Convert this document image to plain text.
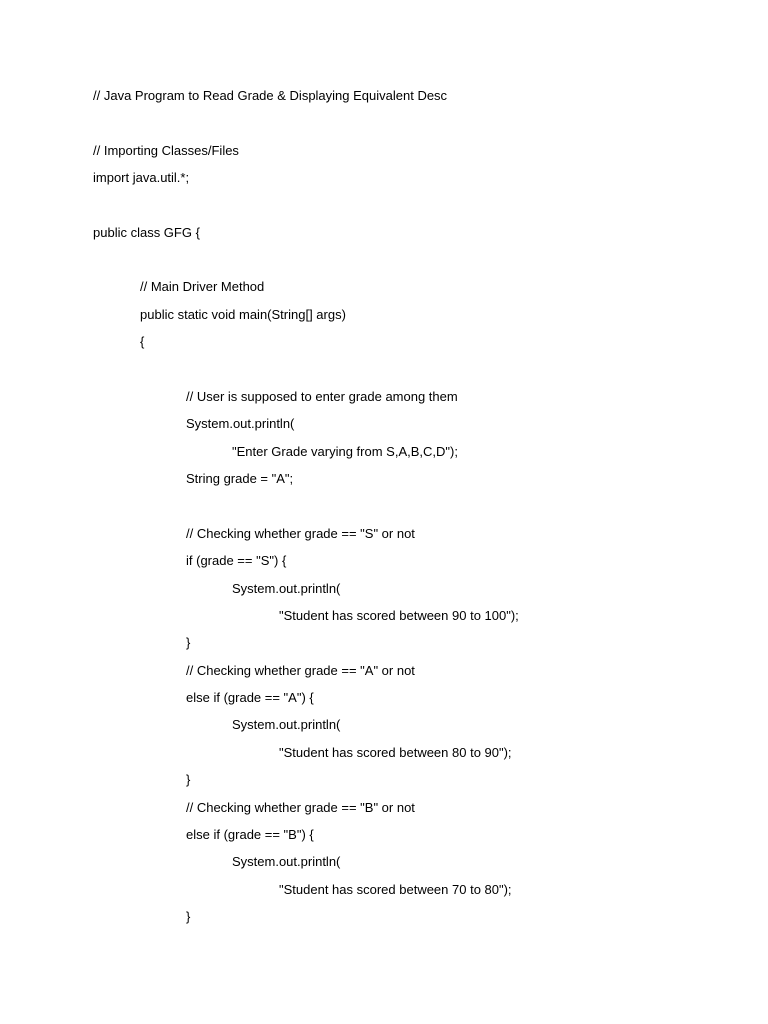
// Java Program to Read Grade & Displaying Equivalent Desc
// Importing Classes/Files
import java.util.*;
public class GFG {
// Main Driver Method
public static void main(String[] args)
{
// User is supposed to enter grade among them
System.out.println(
"Enter Grade varying from S,A,B,C,D");
String grade = "A";
// Checking whether grade == "S" or not
if (grade == "S") {
System.out.println(
"Student has scored between 90 to 100");
}
// Checking whether grade == "A" or not
else if (grade == "A") {
System.out.println(
"Student has scored between 80 to 90");
}
// Checking whether grade == "B" or not
else if (grade == "B") {
System.out.println(
"Student has scored between 70 to 80");
}
